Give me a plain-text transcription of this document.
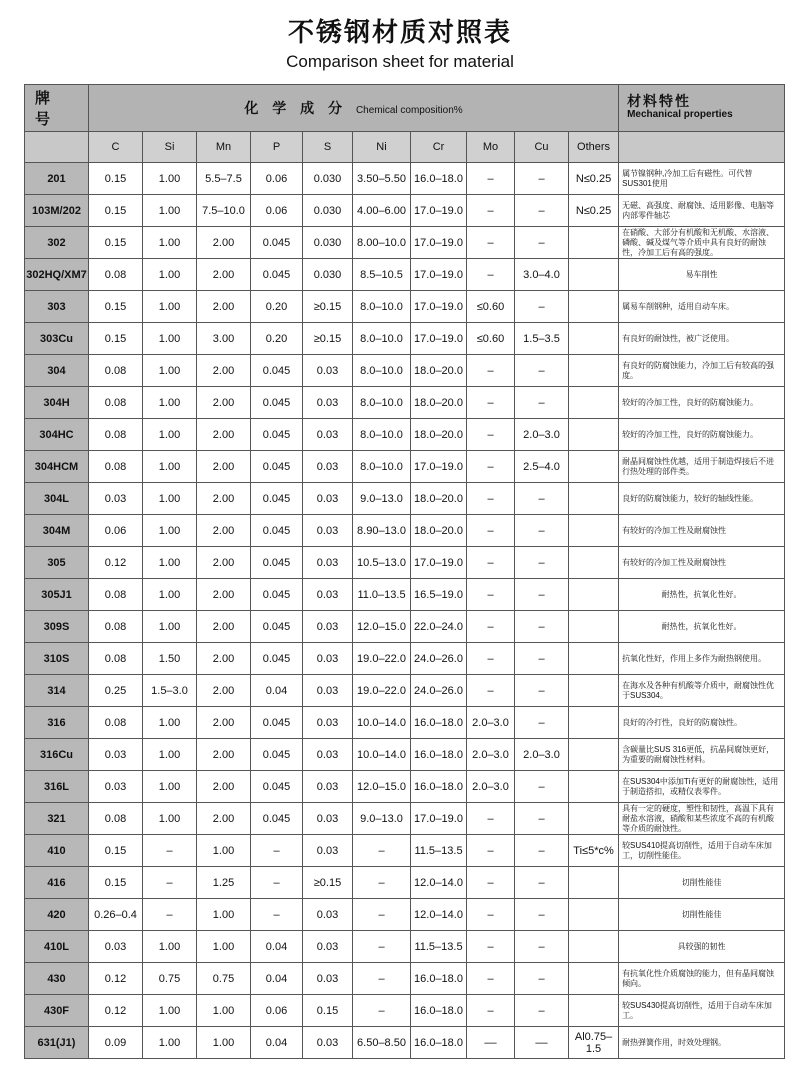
不锈钢材质对照表
Comparison sheet for material
牌 号	化 学 成 分 Chemical composition%										材料特性
Mechanical properties

	C	Si	Mn	P	S	Ni	Cr	Mo	Cu	Others	
201	0.15	1.00	5.5–7.5	0.06	0.030	3.50–5.50	16.0–18.0	–	–	N≤0.25	属节镍钢种,冷加工后有磁性。可代替SUS301使用
103M/202	0.15	1.00	7.5–10.0	0.06	0.030	4.00–6.00	17.0–19.0	–	–	N≤0.25	无磁、高强度、耐腐蚀、适用影像、电脑等内部零件轴芯
302	0.15	1.00	2.00	0.045	0.030	8.00–10.0	17.0–19.0	–	–		在硝酸、大部分有机酸和无机酸、水溶液、磷酸、碱及煤气等介质中具有良好的耐蚀性，冷加工后有高的强度。
302HQ/XM7	0.08	1.00	2.00	0.045	0.030	8.5–10.5	17.0–19.0	–	3.0–4.0		易车削性
303	0.15	1.00	2.00	0.20	≥0.15	8.0–10.0	17.0–19.0	≤0.60	–		属易车削钢种，适用自动车床。
303Cu	0.15	1.00	3.00	0.20	≥0.15	8.0–10.0	17.0–19.0	≤0.60	1.5–3.5		有良好的耐蚀性，被广泛使用。
304	0.08	1.00	2.00	0.045	0.03	8.0–10.0	18.0–20.0	–	–		有良好的防腐蚀能力，冷加工后有较高的强度。
304H	0.08	1.00	2.00	0.045	0.03	8.0–10.0	18.0–20.0	–	–		较好的冷加工性，良好的防腐蚀能力。
304HC	0.08	1.00	2.00	0.045	0.03	8.0–10.0	18.0–20.0	–	2.0–3.0		较好的冷加工性，良好的防腐蚀能力。
304HCM	0.08	1.00	2.00	0.045	0.03	8.0–10.0	17.0–19.0	–	2.5–4.0		耐晶间腐蚀性优越，适用于制造焊接后不进行热处理的部件类。
304L	0.03	1.00	2.00	0.045	0.03	9.0–13.0	18.0–20.0	–	–		良好的防腐蚀能力，较好的轴线性能。
304M	0.06	1.00	2.00	0.045	0.03	8.90–13.0	18.0–20.0	–	–		有较好的冷加工性及耐腐蚀性
305	0.12	1.00	2.00	0.045	0.03	10.5–13.0	17.0–19.0	–	–		有较好的冷加工性及耐腐蚀性
305J1	0.08	1.00	2.00	0.045	0.03	11.0–13.5	16.5–19.0	–	–		耐热性，抗氧化性好。
309S	0.08	1.00	2.00	0.045	0.03	12.0–15.0	22.0–24.0	–	–		耐热性，抗氧化性好。
310S	0.08	1.50	2.00	0.045	0.03	19.0–22.0	24.0–26.0	–	–		抗氧化性好，作用上多作为耐热钢使用。
314	0.25	1.5–3.0	2.00	0.04	0.03	19.0–22.0	24.0–26.0	–	–		在海水及各种有机酸等介质中，耐腐蚀性优于SUS304。
316	0.08	1.00	2.00	0.045	0.03	10.0–14.0	16.0–18.0	2.0–3.0	–		良好的冷打性，良好的防腐蚀性。
316Cu	0.03	1.00	2.00	0.045	0.03	10.0–14.0	16.0–18.0	2.0–3.0	2.0–3.0		含碳量比SUS 316更低，抗晶间腐蚀更好，为重要的耐腐蚀性材料。
316L	0.03	1.00	2.00	0.045	0.03	12.0–15.0	16.0–18.0	2.0–3.0	–		在SUS304中添加Ti有更好的耐腐蚀性，适用于制造搭扣，或精仪表零件。
321	0.08	1.00	2.00	0.045	0.03	9.0–13.0	17.0–19.0	–	–		具有一定的硬度，塑性和韧性，高温下具有耐盐水溶液，硝酸和某些浓度不高的有机酸等介质的耐蚀性。
410	0.15	–	1.00	–	0.03	–	11.5–13.5	–	–	Ti≤5*c%	较SUS410提高切削性，适用于自动车床加工，切削性能佳。
416	0.15	–	1.25	–	≥0.15	–	12.0–14.0	–	–		切削性能佳
420	0.26–0.4	–	1.00	–	0.03	–	12.0–14.0	–	–		切削性能佳
410L	0.03	1.00	1.00	0.04	0.03	–	11.5–13.5	–	–		具较强的韧性
430	0.12	0.75	0.75	0.04	0.03	–	16.0–18.0	–	–		有抗氧化性介质腐蚀的能力，但有晶间腐蚀倾向。
430F	0.12	1.00	1.00	0.06	0.15	–	16.0–18.0	–	–		较SUS430提高切削性，适用于自动车床加工。
631(J1)	0.09	1.00	1.00	0.04	0.03	6.50–8.50	16.0–18.0	––	––	Al0.75–1.5	耐热弹簧作用，时效处理钢。
